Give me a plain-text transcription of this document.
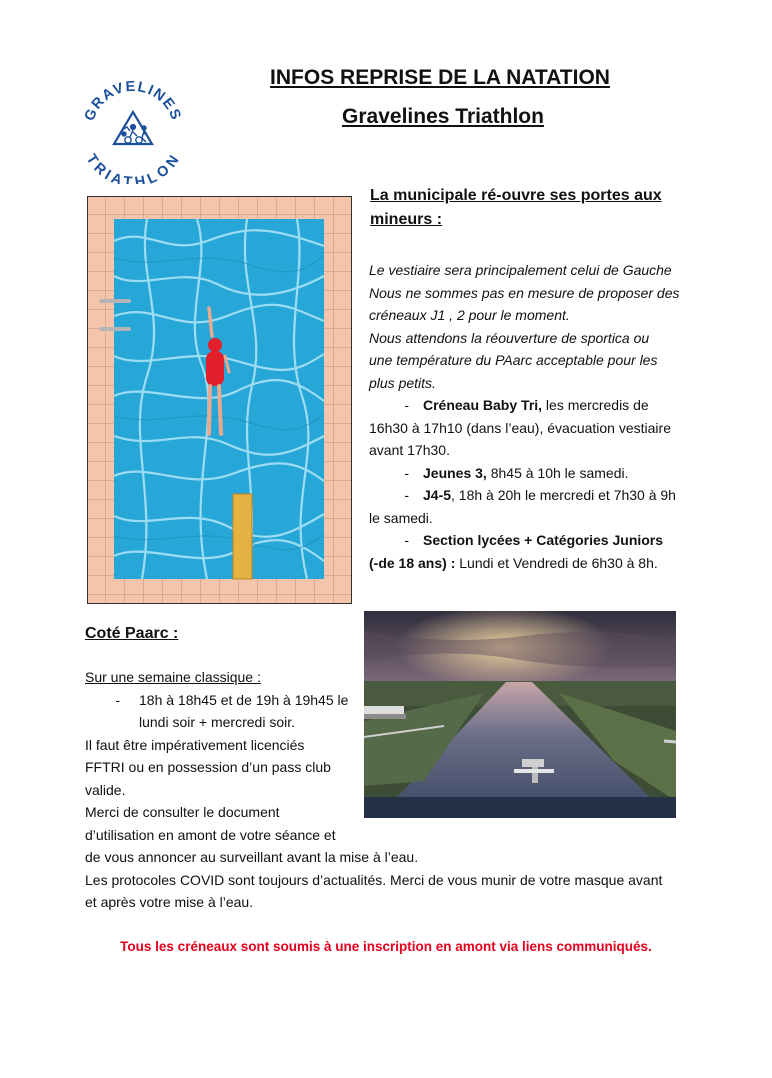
INFOS REPRISE DE LA NATATION
Gravelines Triathlon
GRAVELINES
TRIATHLON

La municipale ré-ouvre ses portes aux

mineurs :

Le vestiaire sera principalement celui de Gauche

Nous ne sommes pas en mesure de proposer des

créneaux J1 , 2 pour le moment.

Nous attendons la réouverture de sportica ou

une température du PAarc acceptable pour les

plus petits.

- Créneau Baby Tri, les mercredis de

16h30 à 17h10 (dans l’eau), évacuation vestiaire

avant 17h30.

- Jeunes 3, 8h45 à 10h le samedi.

- J4-5, 18h à 20h le mercredi et 7h30 à 9h

le samedi.

- Section lycées + Catégories Juniors

(-de 18 ans) : Lundi et Vendredi de 6h30 à 8h.

Coté Paarc :

Sur une semaine classique :

- 18h à 18h45 et de 19h à 19h45 le

lundi soir + mercredi soir.

Il faut être impérativement licenciés

FFTRI ou en possession d’un pass club

valide.

Merci de consulter le document

d’utilisation en amont de votre séance et

de vous annoncer au surveillant avant la mise à l’eau.

Les protocoles COVID sont toujours d’actualités. Merci de vous munir de votre masque avant

et après votre mise à l’eau.

Tous les créneaux sont soumis à une inscription en amont via liens communiqués.
